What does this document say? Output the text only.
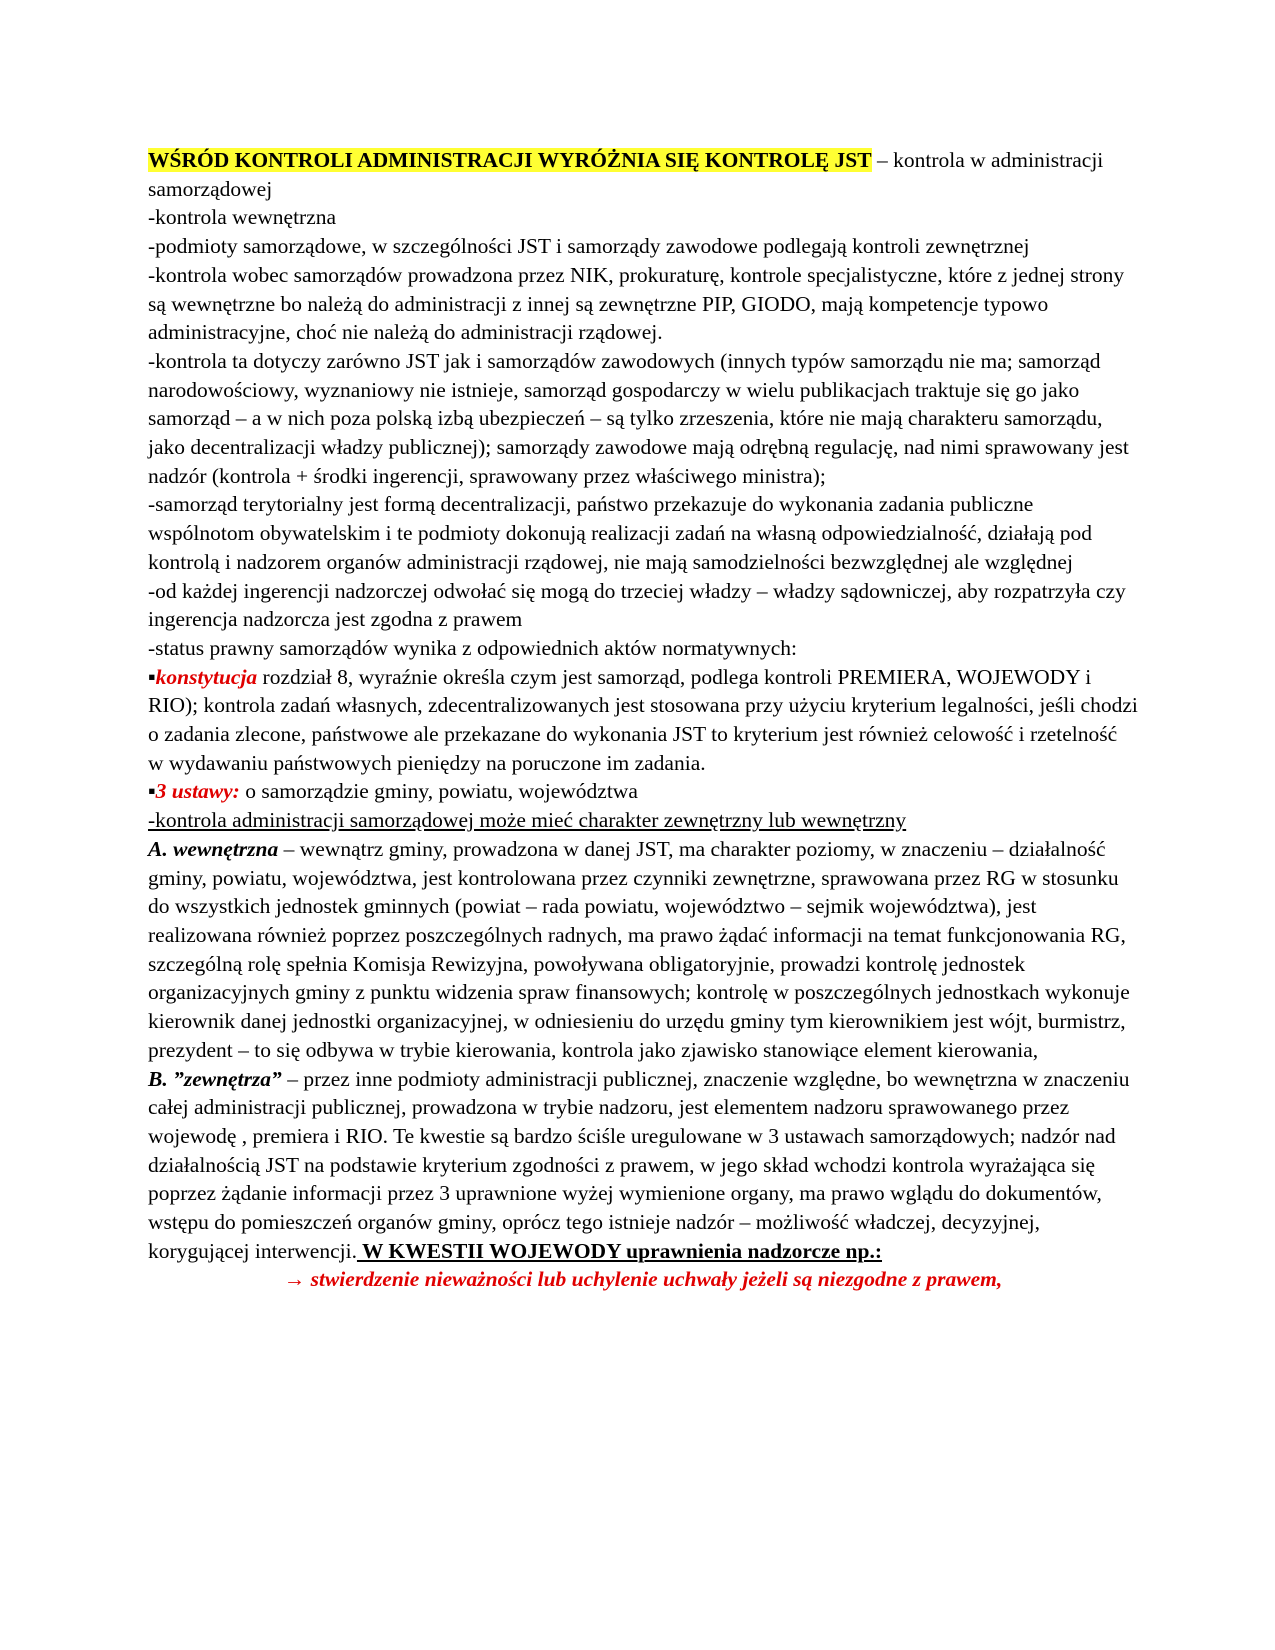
WŚRÓD KONTROLI ADMINISTRACJI WYRÓŻNIA SIĘ KONTROLĘ JST – kontrola w administracji samorządowej

-kontrola wewnętrzna

-podmioty samorządowe, w szczególności JST i samorządy zawodowe podlegają kontroli zewnętrznej

-kontrola wobec samorządów prowadzona przez NIK, prokuraturę, kontrole specjalistyczne, które z jednej strony są wewnętrzne bo należą do administracji z innej są zewnętrzne PIP, GIODO, mają kompetencje typowo administracyjne, choć nie należą do administracji rządowej.

-kontrola ta dotyczy zarówno JST jak i samorządów zawodowych (innych typów samorządu nie ma; samorząd narodowościowy, wyznaniowy nie istnieje, samorząd gospodarczy w wielu publikacjach traktuje się go jako samorząd – a w nich poza polską izbą ubezpieczeń – są tylko zrzeszenia, które nie mają charakteru samorządu, jako decentralizacji władzy publicznej); samorządy zawodowe mają odrębną regulację, nad nimi sprawowany jest nadzór (kontrola + środki ingerencji, sprawowany przez właściwego ministra);

-samorząd terytorialny jest formą decentralizacji, państwo przekazuje do wykonania zadania publiczne wspólnotom obywatelskim i te podmioty dokonują realizacji zadań na własną odpowiedzialność, działają pod kontrolą i nadzorem organów administracji rządowej, nie mają samodzielności bezwzględnej ale względnej

-od każdej ingerencji nadzorczej odwołać się mogą do trzeciej władzy – władzy sądowniczej, aby rozpatrzyła czy ingerencja nadzorcza jest zgodna z prawem

-status prawny samorządów wynika z odpowiednich aktów normatywnych:

▪konstytucja rozdział 8, wyraźnie określa czym jest samorząd, podlega kontroli PREMIERA, WOJEWODY i RIO); kontrola zadań własnych, zdecentralizowanych jest stosowana przy użyciu kryterium legalności, jeśli chodzi o zadania zlecone, państwowe ale przekazane do wykonania JST to kryterium jest również celowość i rzetelność w wydawaniu państwowych pieniędzy na poruczone im zadania.

▪3 ustawy: o samorządzie gminy, powiatu, województwa

-kontrola administracji samorządowej może mieć charakter zewnętrzny lub wewnętrzny

A. wewnętrzna – wewnątrz gminy, prowadzona w danej JST, ma charakter poziomy, w znaczeniu – działalność gminy, powiatu, województwa, jest kontrolowana przez czynniki zewnętrzne, sprawowana przez RG w stosunku do wszystkich jednostek gminnych (powiat – rada powiatu, województwo – sejmik województwa), jest realizowana również poprzez poszczególnych radnych, ma prawo żądać informacji na temat funkcjonowania RG, szczególną rolę spełnia Komisja Rewizyjna, powoływana obligatoryjnie, prowadzi kontrolę jednostek organizacyjnych gminy z punktu widzenia spraw finansowych; kontrolę w poszczególnych jednostkach wykonuje kierownik danej jednostki organizacyjnej, w odniesieniu do urzędu gminy tym kierownikiem jest wójt, burmistrz, prezydent – to się odbywa w trybie kierowania, kontrola jako zjawisko stanowiące element kierowania,

B. ”zewnętrza” – przez inne podmioty administracji publicznej, znaczenie względne, bo wewnętrzna w znaczeniu całej administracji publicznej, prowadzona w trybie nadzoru, jest elementem nadzoru sprawowanego przez wojewodę , premiera i RIO. Te kwestie są bardzo ściśle uregulowane w 3 ustawach samorządowych; nadzór nad działalnością JST na podstawie kryterium zgodności z prawem, w jego skład wchodzi kontrola wyrażająca się poprzez żądanie informacji przez 3 uprawnione wyżej wymienione organy, ma prawo wglądu do dokumentów, wstępu do pomieszczeń organów gminy, oprócz tego istnieje nadzór – możliwość władczej, decyzyjnej, korygującej interwencji. W KWESTII WOJEWODY uprawnienia nadzorcze np.:

→ stwierdzenie nieważności lub uchylenie uchwały jeżeli są niezgodne z prawem,
